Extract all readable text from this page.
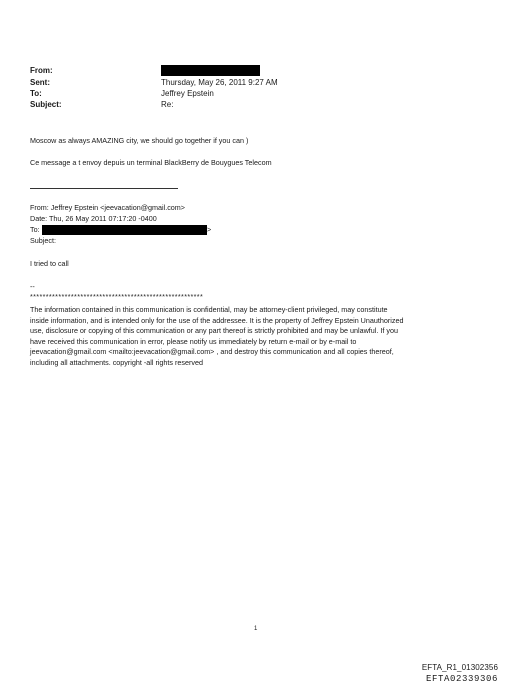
From:
Sent:	Thursday, May 26, 2011 9:27 AM
To:	Jeffrey Epstein
Subject:	Re:
Moscow as always AMAZING city, we should go together if you can )
Ce message a t envoy depuis un terminal BlackBerry de Bouygues Telecom
From: Jeffrey Epstein <jeevacation@gmail.com>
Date: Thu, 26 May 2011 07:17:20 -0400
To:	>
Subject:
I tried to call
--
*******************************************************
The information contained in this communication is confidential, may be attorney-client privileged, may constitute
inside information, and is intended only for the use of the addressee. It is the property of Jeffrey Epstein Unauthorized
use, disclosure or copying of this communication or any part thereof is strictly prohibited and may be unlawful. If you
have received this communication in error, please notify us immediately by return e-mail or by e-mail to
jeevacation@gmail.com <mailto:jeevacation@gmail.com> , and destroy this communication and all copies thereof,
including all attachments. copyright -all rights reserved
1
EFTA_R1_01302356
EFTA02339306
